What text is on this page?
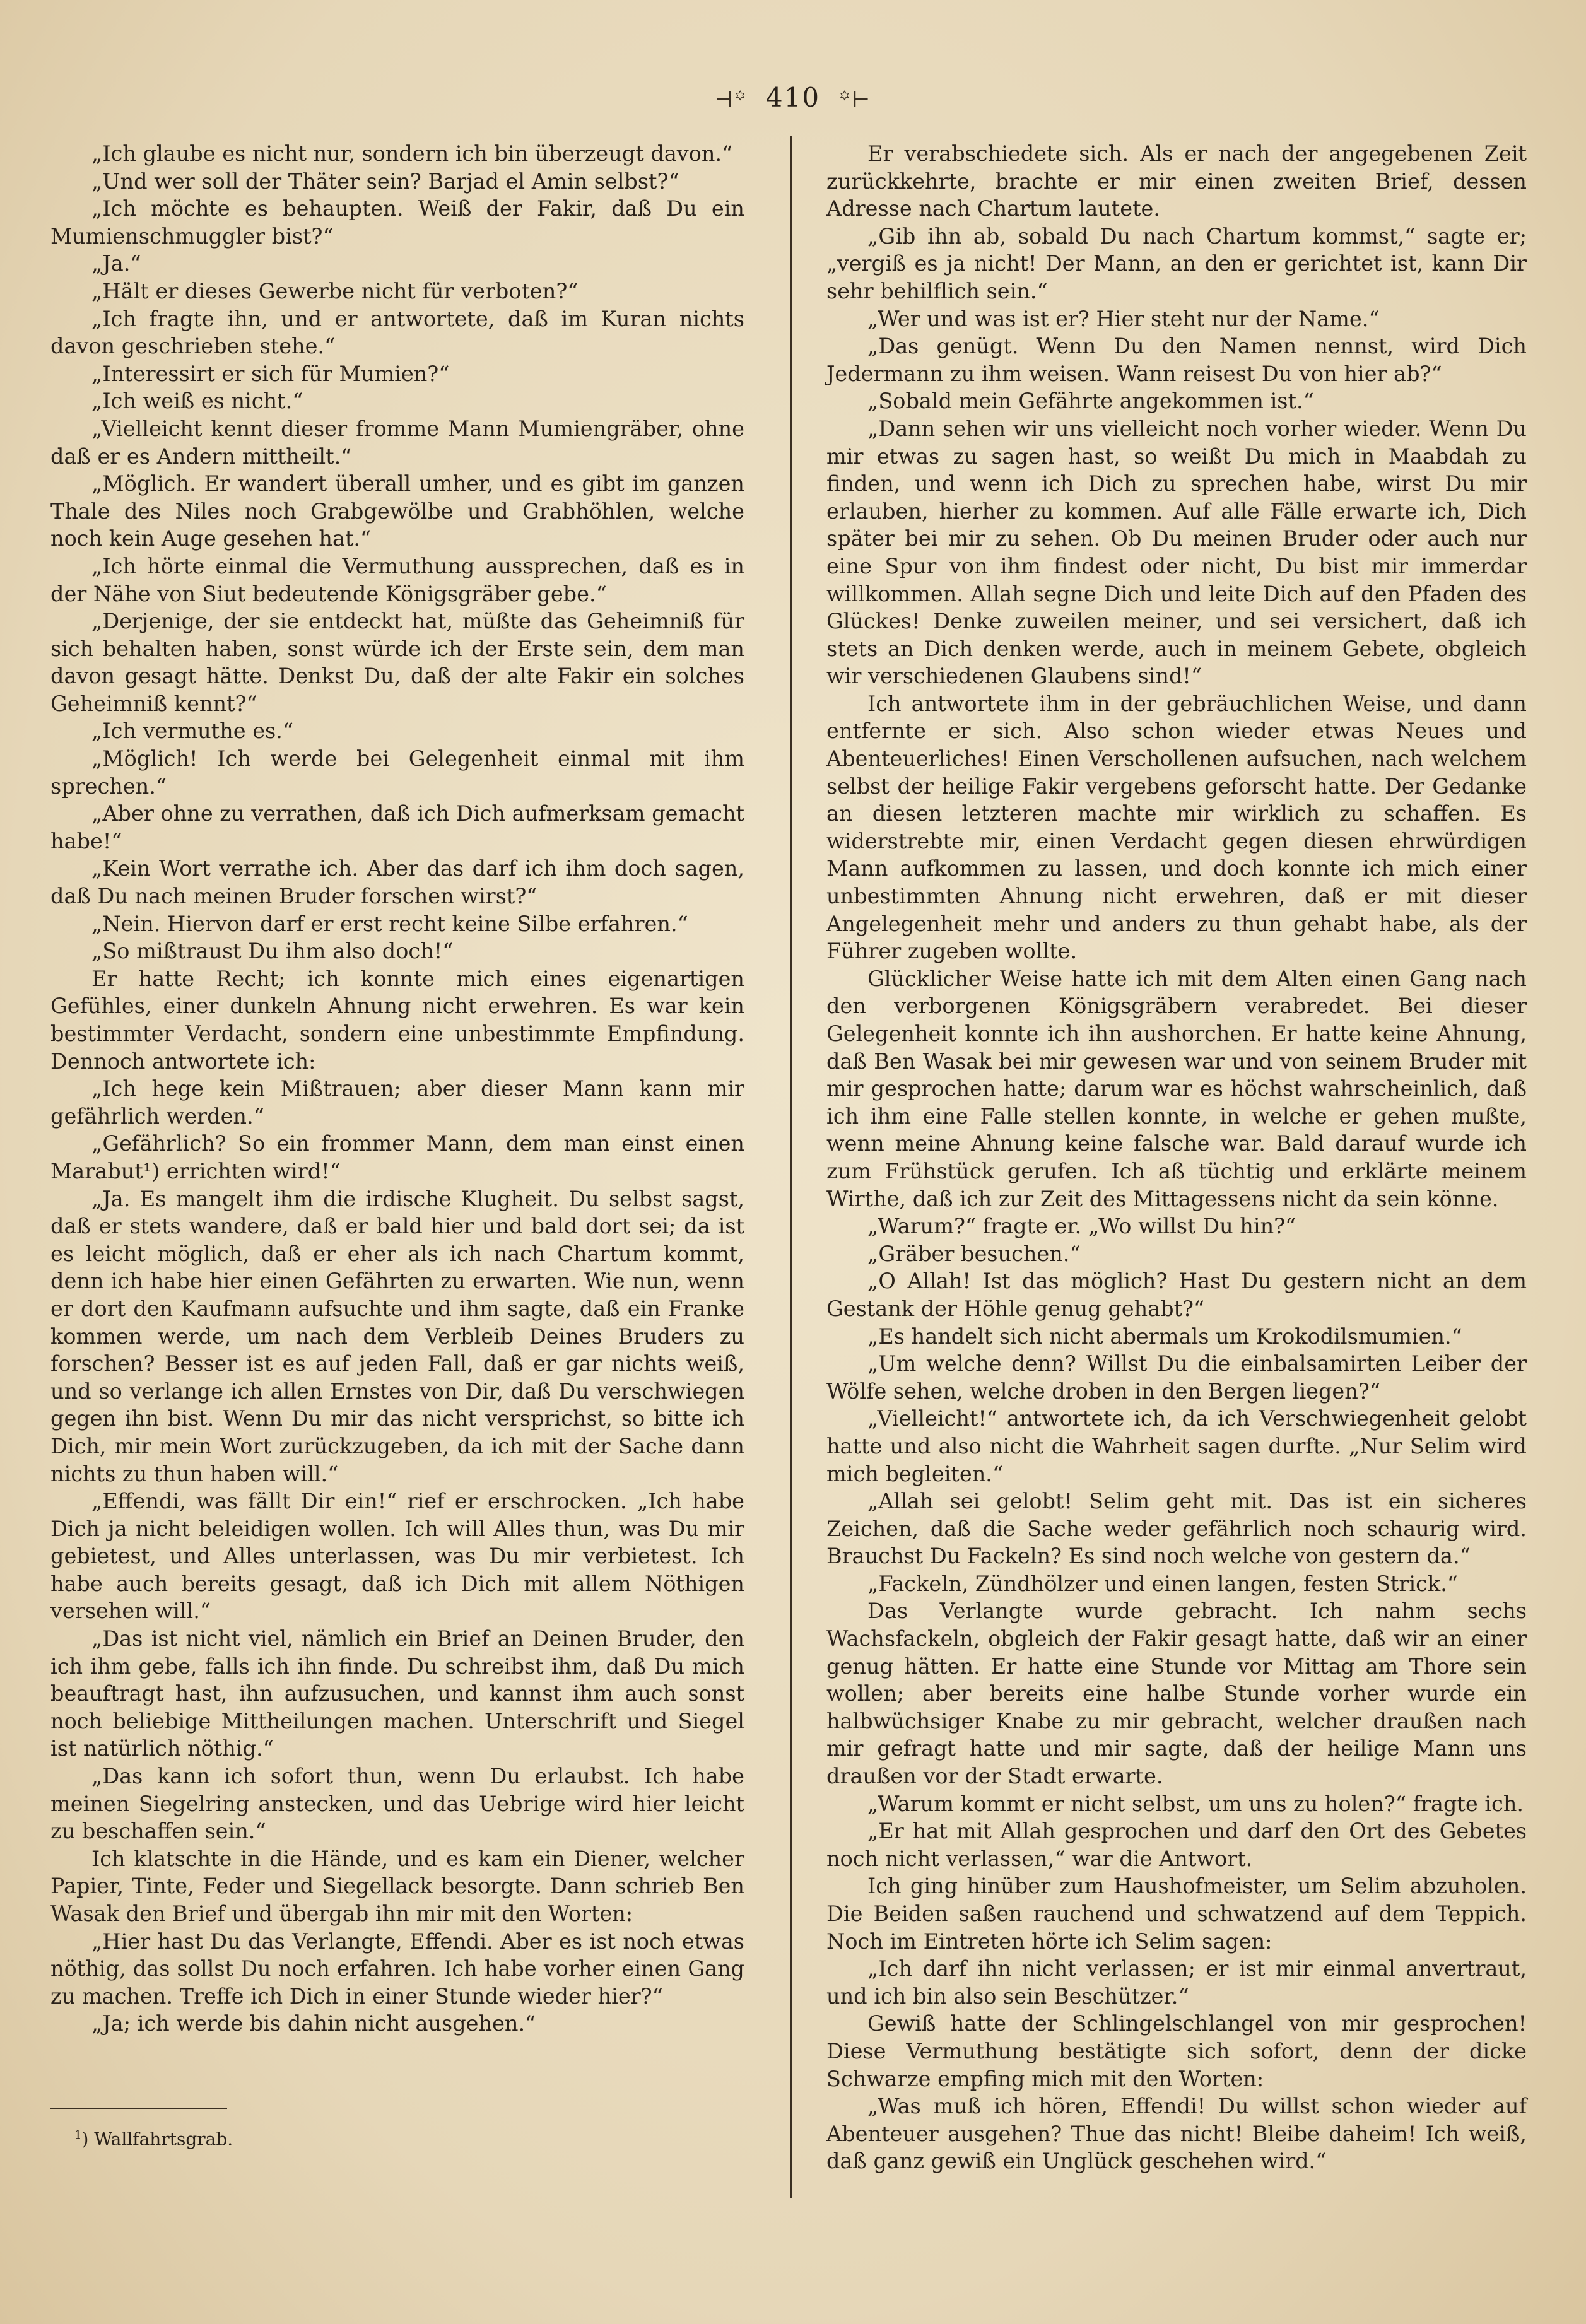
⊣꙳ 410 ꙳⊢

„Ich glaube es nicht nur, sondern ich bin überzeugt davon.“

„Und wer soll der Thäter sein? Barjad el Amin selbst?“

„Ich möchte es behaupten. Weiß der Fakir, daß Du ein Mumienschmuggler bist?“

„Ja.“

„Hält er dieses Gewerbe nicht für verboten?“

„Ich fragte ihn, und er antwortete, daß im Kuran nichts davon geschrieben stehe.“

„Interessirt er sich für Mumien?“

„Ich weiß es nicht.“

„Vielleicht kennt dieser fromme Mann Mumiengräber, ohne daß er es Andern mittheilt.“

„Möglich. Er wandert überall umher, und es gibt im ganzen Thale des Niles noch Grabgewölbe und Grabhöhlen, welche noch kein Auge gesehen hat.“

„Ich hörte einmal die Vermuthung aussprechen, daß es in der Nähe von Siut bedeutende Königsgräber gebe.“

„Derjenige, der sie entdeckt hat, müßte das Geheimniß für sich behalten haben, sonst würde ich der Erste sein, dem man davon gesagt hätte. Denkst Du, daß der alte Fakir ein solches Geheimniß kennt?“

„Ich vermuthe es.“

„Möglich! Ich werde bei Gelegenheit einmal mit ihm sprechen.“

„Aber ohne zu verrathen, daß ich Dich aufmerksam gemacht habe!“

„Kein Wort verrathe ich. Aber das darf ich ihm doch sagen, daß Du nach meinen Bruder forschen wirst?“

„Nein. Hiervon darf er erst recht keine Silbe erfahren.“

„So mißtraust Du ihm also doch!“

Er hatte Recht; ich konnte mich eines eigenartigen Gefühles, einer dunkeln Ahnung nicht erwehren. Es war kein bestimmter Verdacht, sondern eine unbestimmte Empfindung. Dennoch antwortete ich:

„Ich hege kein Mißtrauen; aber dieser Mann kann mir gefährlich werden.“

„Gefährlich? So ein frommer Mann, dem man einst einen Marabut¹) errichten wird!“

„Ja. Es mangelt ihm die irdische Klugheit. Du selbst sagst, daß er stets wandere, daß er bald hier und bald dort sei; da ist es leicht möglich, daß er eher als ich nach Chartum kommt, denn ich habe hier einen Gefährten zu erwarten. Wie nun, wenn er dort den Kaufmann aufsuchte und ihm sagte, daß ein Franke kommen werde, um nach dem Verbleib Deines Bruders zu forschen? Besser ist es auf jeden Fall, daß er gar nichts weiß, und so verlange ich allen Ernstes von Dir, daß Du verschwiegen gegen ihn bist. Wenn Du mir das nicht versprichst, so bitte ich Dich, mir mein Wort zurückzugeben, da ich mit der Sache dann nichts zu thun haben will.“

„Effendi, was fällt Dir ein!“ rief er erschrocken. „Ich habe Dich ja nicht beleidigen wollen. Ich will Alles thun, was Du mir gebietest, und Alles unterlassen, was Du mir verbietest. Ich habe auch bereits gesagt, daß ich Dich mit allem Nöthigen versehen will.“

„Das ist nicht viel, nämlich ein Brief an Deinen Bruder, den ich ihm gebe, falls ich ihn finde. Du schreibst ihm, daß Du mich beauftragt hast, ihn aufzusuchen, und kannst ihm auch sonst noch beliebige Mittheilungen machen. Unterschrift und Siegel ist natürlich nöthig.“

„Das kann ich sofort thun, wenn Du erlaubst. Ich habe meinen Siegelring anstecken, und das Uebrige wird hier leicht zu beschaffen sein.“

Ich klatschte in die Hände, und es kam ein Diener, welcher Papier, Tinte, Feder und Siegellack besorgte. Dann schrieb Ben Wasak den Brief und übergab ihn mir mit den Worten:

„Hier hast Du das Verlangte, Effendi. Aber es ist noch etwas nöthig, das sollst Du noch erfahren. Ich habe vorher einen Gang zu machen. Treffe ich Dich in einer Stunde wieder hier?“

„Ja; ich werde bis dahin nicht ausgehen.“

Er verabschiedete sich. Als er nach der angegebenen Zeit zurückkehrte, brachte er mir einen zweiten Brief, dessen Adresse nach Chartum lautete.

„Gib ihn ab, sobald Du nach Chartum kommst,“ sagte er; „vergiß es ja nicht! Der Mann, an den er gerichtet ist, kann Dir sehr behilflich sein.“

„Wer und was ist er? Hier steht nur der Name.“

„Das genügt. Wenn Du den Namen nennst, wird Dich Jedermann zu ihm weisen. Wann reisest Du von hier ab?“

„Sobald mein Gefährte angekommen ist.“

„Dann sehen wir uns vielleicht noch vorher wieder. Wenn Du mir etwas zu sagen hast, so weißt Du mich in Maabdah zu finden, und wenn ich Dich zu sprechen habe, wirst Du mir erlauben, hierher zu kommen. Auf alle Fälle erwarte ich, Dich später bei mir zu sehen. Ob Du meinen Bruder oder auch nur eine Spur von ihm findest oder nicht, Du bist mir immerdar willkommen. Allah segne Dich und leite Dich auf den Pfaden des Glückes! Denke zuweilen meiner, und sei versichert, daß ich stets an Dich denken werde, auch in meinem Gebete, obgleich wir verschiedenen Glaubens sind!“

Ich antwortete ihm in der gebräuchlichen Weise, und dann entfernte er sich. Also schon wieder etwas Neues und Abenteuerliches! Einen Verschollenen aufsuchen, nach welchem selbst der heilige Fakir vergebens geforscht hatte. Der Gedanke an diesen letzteren machte mir wirklich zu schaffen. Es widerstrebte mir, einen Verdacht gegen diesen ehrwürdigen Mann aufkommen zu lassen, und doch konnte ich mich einer unbestimmten Ahnung nicht erwehren, daß er mit dieser Angelegenheit mehr und anders zu thun gehabt habe, als der Führer zugeben wollte.

Glücklicher Weise hatte ich mit dem Alten einen Gang nach den verborgenen Königsgräbern verabredet. Bei dieser Gelegenheit konnte ich ihn aushorchen. Er hatte keine Ahnung, daß Ben Wasak bei mir gewesen war und von seinem Bruder mit mir gesprochen hatte; darum war es höchst wahrscheinlich, daß ich ihm eine Falle stellen konnte, in welche er gehen mußte, wenn meine Ahnung keine falsche war. Bald darauf wurde ich zum Frühstück gerufen. Ich aß tüchtig und erklärte meinem Wirthe, daß ich zur Zeit des Mittagessens nicht da sein könne.

„Warum?“ fragte er. „Wo willst Du hin?“

„Gräber besuchen.“

„O Allah! Ist das möglich? Hast Du gestern nicht an dem Gestank der Höhle genug gehabt?“

„Es handelt sich nicht abermals um Krokodilsmumien.“

„Um welche denn? Willst Du die einbalsamirten Leiber der Wölfe sehen, welche droben in den Bergen liegen?“

„Vielleicht!“ antwortete ich, da ich Verschwiegenheit gelobt hatte und also nicht die Wahrheit sagen durfte. „Nur Selim wird mich begleiten.“

„Allah sei gelobt! Selim geht mit. Das ist ein sicheres Zeichen, daß die Sache weder gefährlich noch schaurig wird. Brauchst Du Fackeln? Es sind noch welche von gestern da.“

„Fackeln, Zündhölzer und einen langen, festen Strick.“

Das Verlangte wurde gebracht. Ich nahm sechs Wachsfackeln, obgleich der Fakir gesagt hatte, daß wir an einer genug hätten. Er hatte eine Stunde vor Mittag am Thore sein wollen; aber bereits eine halbe Stunde vorher wurde ein halbwüchsiger Knabe zu mir gebracht, welcher draußen nach mir gefragt hatte und mir sagte, daß der heilige Mann uns draußen vor der Stadt erwarte.

„Warum kommt er nicht selbst, um uns zu holen?“ fragte ich.

„Er hat mit Allah gesprochen und darf den Ort des Gebetes noch nicht verlassen,“ war die Antwort.

Ich ging hinüber zum Haushofmeister, um Selim abzuholen. Die Beiden saßen rauchend und schwatzend auf dem Teppich. Noch im Eintreten hörte ich Selim sagen:

„Ich darf ihn nicht verlassen; er ist mir einmal anvertraut, und ich bin also sein Beschützer.“

Gewiß hatte der Schlingelschlangel von mir gesprochen! Diese Vermuthung bestätigte sich sofort, denn der dicke Schwarze empfing mich mit den Worten:

„Was muß ich hören, Effendi! Du willst schon wieder auf Abenteuer ausgehen? Thue das nicht! Bleibe daheim! Ich weiß, daß ganz gewiß ein Unglück geschehen wird.“

$^1$) Wallfahrtsgrab.
